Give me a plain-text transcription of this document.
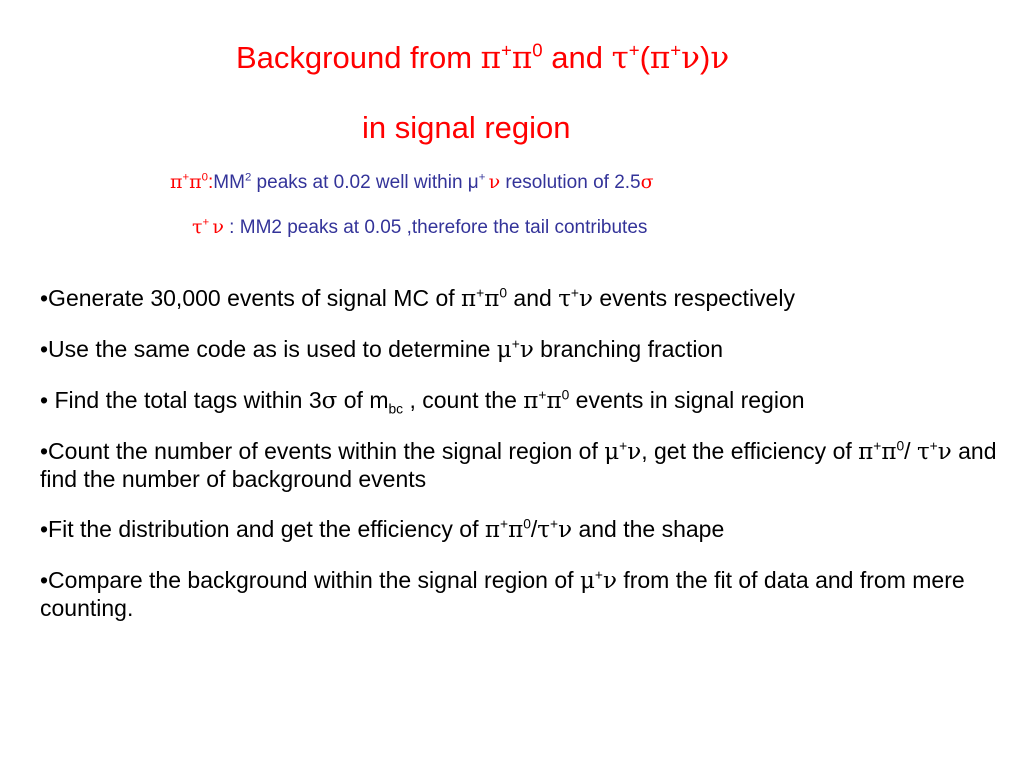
Background from $\pi^+\pi^0$ and τ+(π+ν)ν
in signal region
$\pi^+\pi^0:MM^2$ peaks at 0.02 well within μ+ ν resolution of 2.5σ
τ+ ν : MM2 peaks at 0.05 ,therefore the tail contributes
•Generate 30,000 events of signal MC of $\pi^+\pi^0$ and τ+ν events respectively
•Use the same code as is used to determine μ+ν branching fraction
• Find the total tags within 3σ of $m_{bc}$ , count the $\pi^+\pi^0$ events in signal region
•Count the number of events within the signal region of μ+ν, get the efficiency of $\pi^+\pi^0/$ τ+ν and find the number of background events
•Fit the distribution and get the efficiency of $\pi^+\pi^0/\tau^+\nu$ and the shape
•Compare the background within the signal region of μ+ν from the fit of data and from mere counting.
